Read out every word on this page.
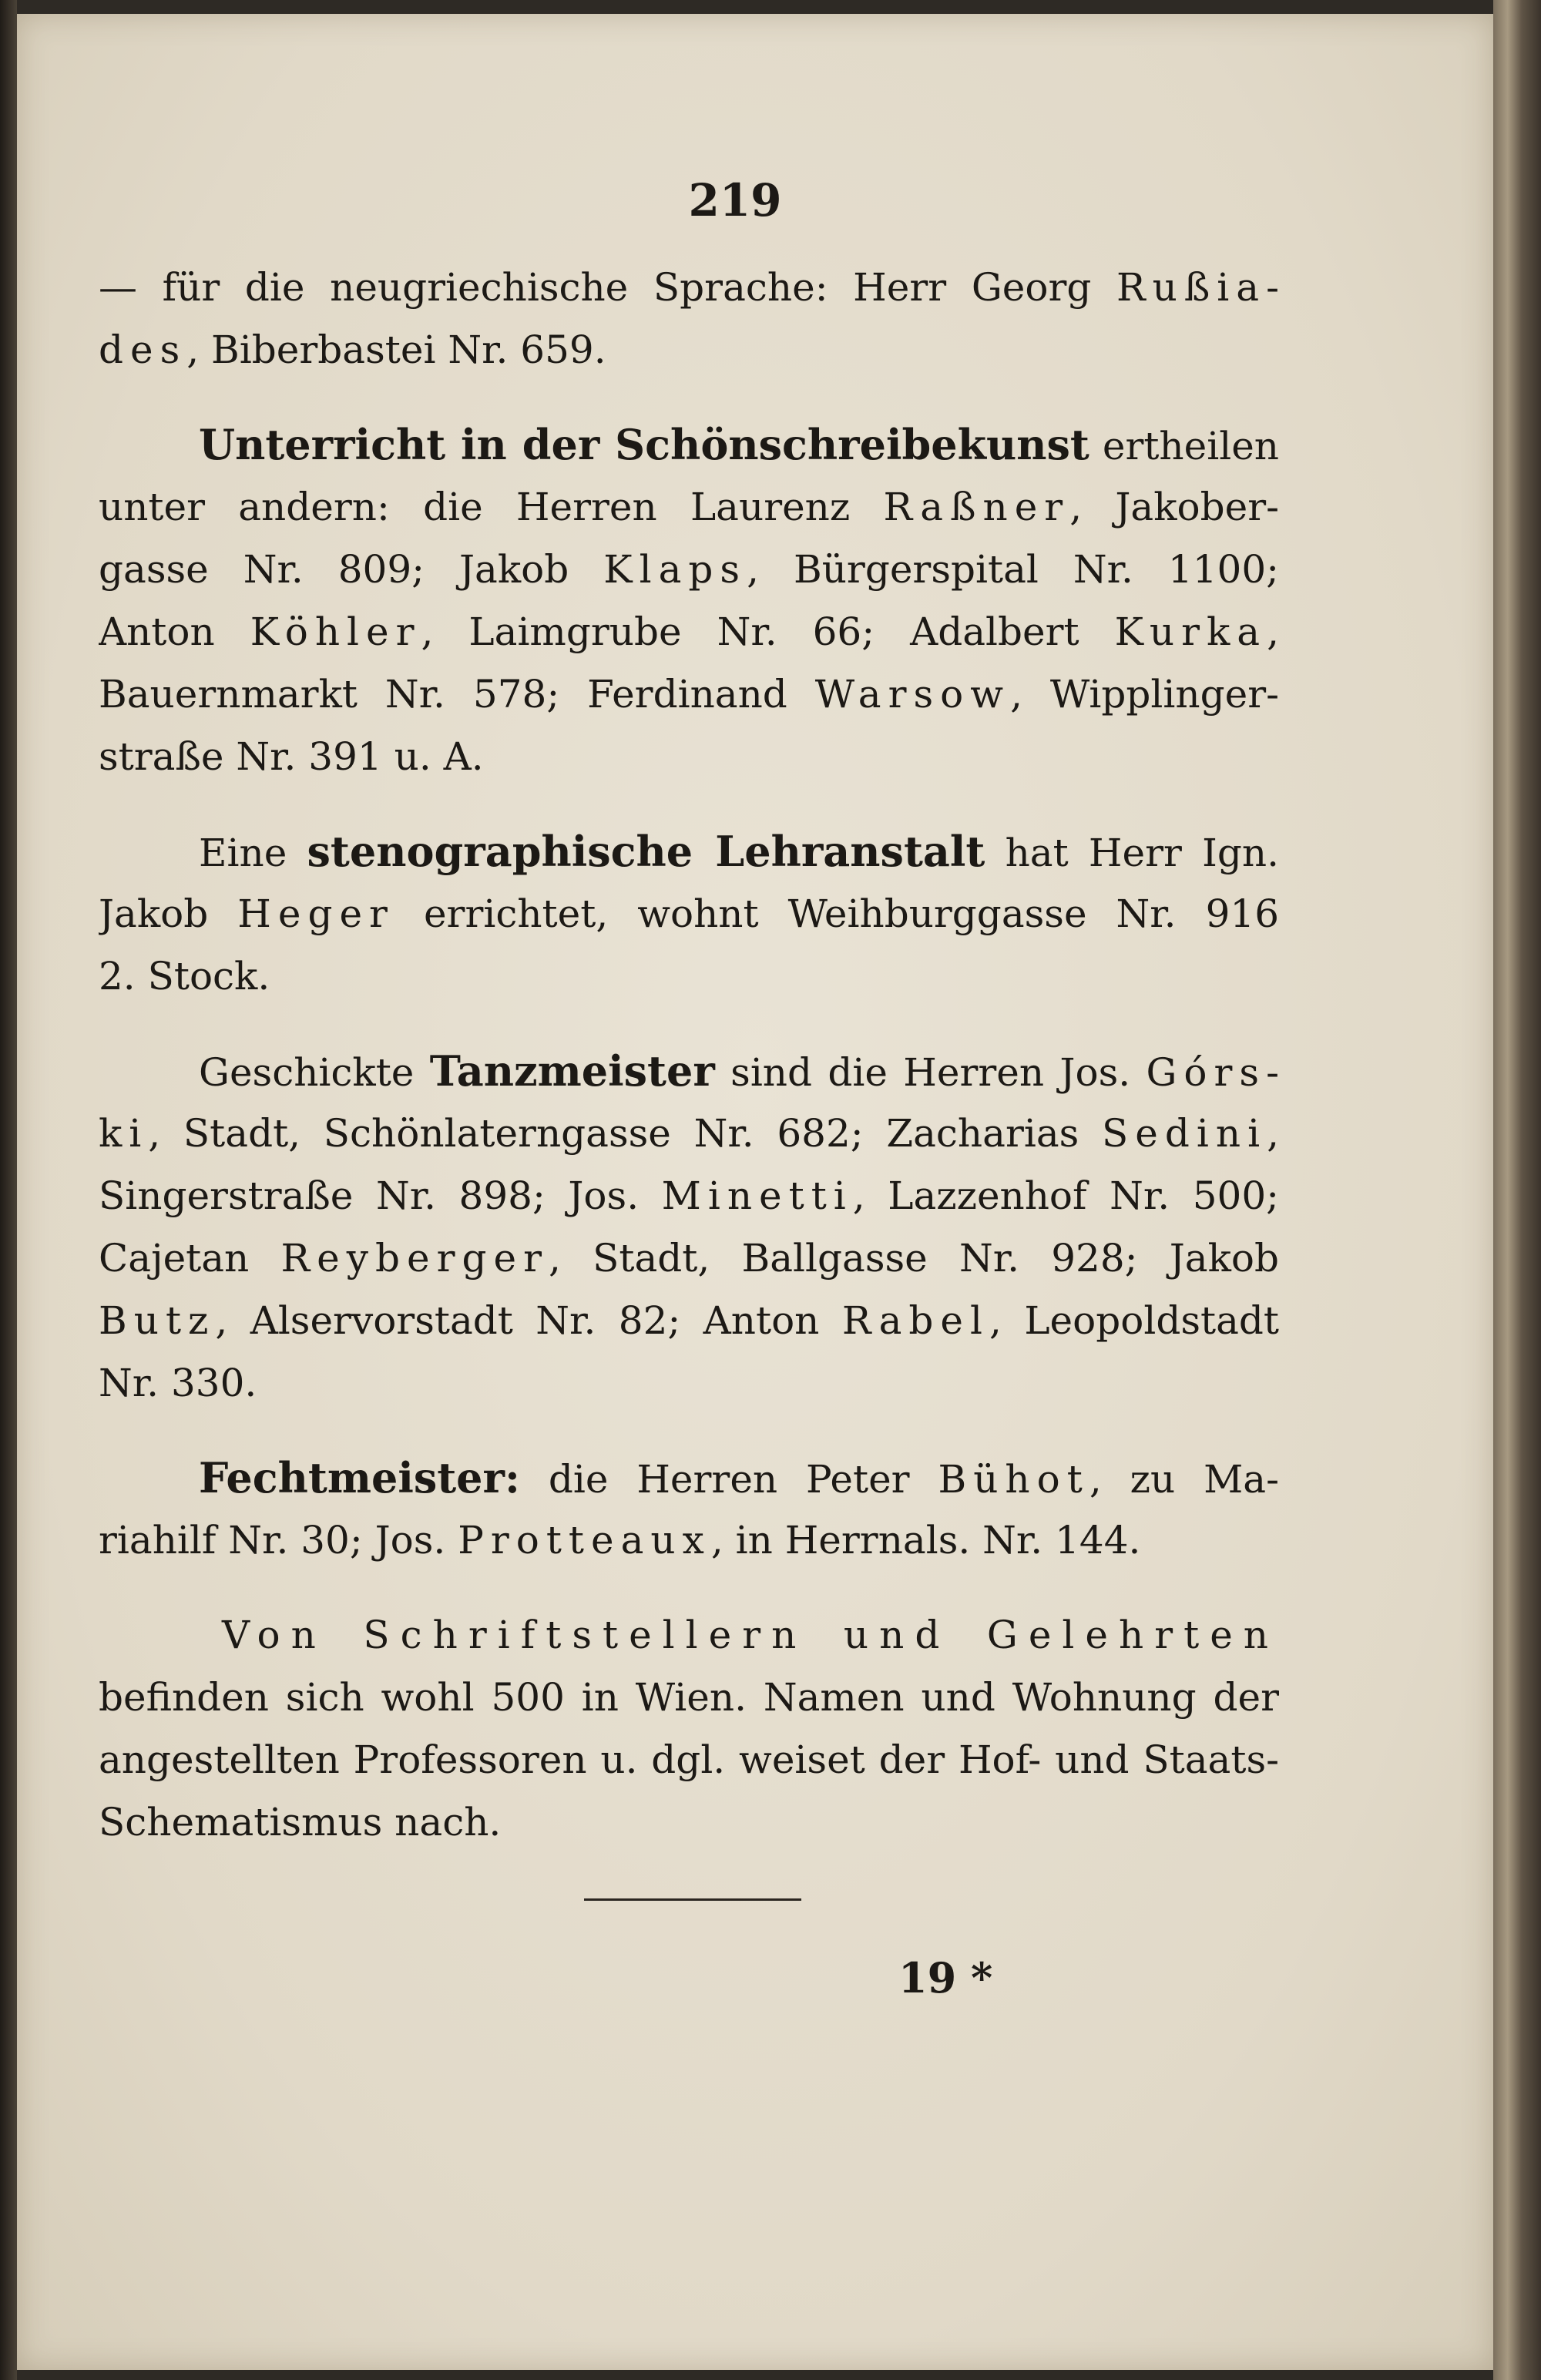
219
— für die neugriechische Sprache: Herr Georg Rußia-
des, Biberbastei Nr. 659.
Unterricht in der Schönschreibekunst ertheilen
unter andern: die Herren Laurenz Raßner, Jakober-
gasse Nr. 809; Jakob Klaps, Bürgerspital Nr. 1100;
Anton Köhler, Laimgrube Nr. 66; Adalbert Kurka,
Bauernmarkt Nr. 578; Ferdinand Warsow, Wipplinger-
straße Nr. 391 u. A.
Eine stenographische Lehranstalt hat Herr Ign.
Jakob Heger errichtet, wohnt Weihburggasse Nr. 916
2. Stock.
Geschickte Tanzmeister sind die Herren Jos. Górs-
ki, Stadt, Schönlaterngasse Nr. 682; Zacharias Sedini,
Singerstraße Nr. 898; Jos. Minetti, Lazzenhof Nr. 500;
Cajetan Reyberger, Stadt, Ballgasse Nr. 928; Jakob
Butz, Alservorstadt Nr. 82; Anton Rabel, Leopoldstadt
Nr. 330.
Fechtmeister: die Herren Peter Bühot, zu Ma-
riahilf Nr. 30; Jos. Protteaux, in Herrnals. Nr. 144.
Von Schriftstellern und Gelehrten
befinden sich wohl 500 in Wien. Namen und Wohnung der
angestellten Professoren u. dgl. weiset der Hof- und Staats-
Schematismus nach.
19 *
